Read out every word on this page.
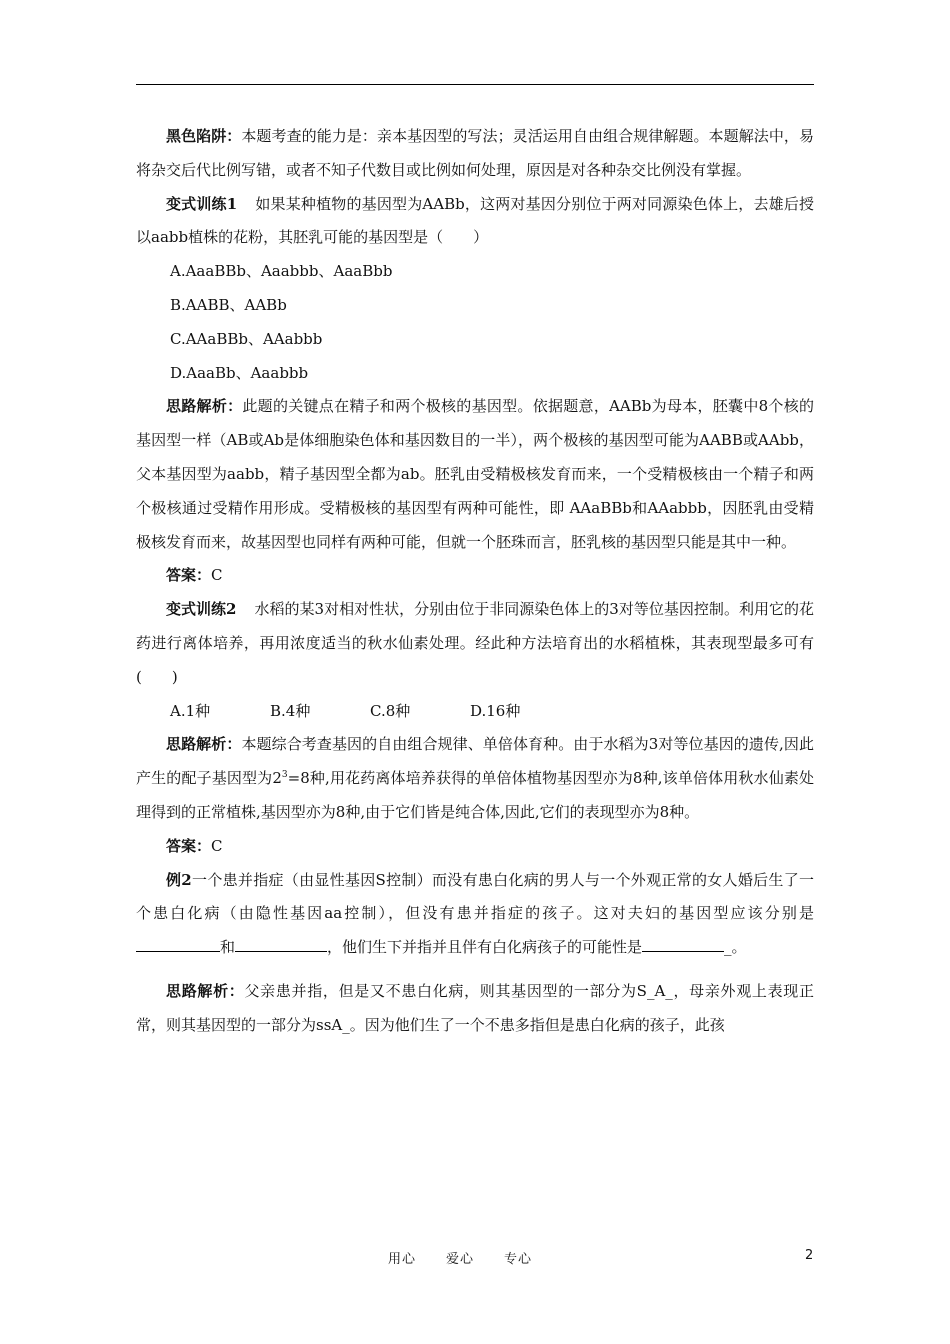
黑色陷阱：本题考查的能力是：亲本基因型的写法；灵活运用自由组合规律解题。本题解法中，易将杂交后代比例写错，或者不知子代数目或比例如何处理，原因是对各种杂交比例没有掌握。

变式训练1 如果某种植物的基因型为AABb，这两对基因分别位于两对同源染色体上，去雄后授以aabb植株的花粉，其胚乳可能的基因型是（　　）

A.AaaBBb、Aaabbb、AaaBbb

B.AABB、AABb

C.AAaBBb、AAabbb

D.AaaBb、Aaabbb

思路解析：此题的关键点在精子和两个极核的基因型。依据题意，AABb为母本，胚囊中8个核的基因型一样（AB或Ab是体细胞染色体和基因数目的一半），两个极核的基因型可能为AABB或AAbb，父本基因型为aabb，精子基因型全都为ab。胚乳由受精极核发育而来，一个受精极核由一个精子和两个极核通过受精作用形成。受精极核的基因型有两种可能性，即 AAaBBb和AAabbb，因胚乳由受精极核发育而来，故基因型也同样有两种可能，但就一个胚珠而言，胚乳核的基因型只能是其中一种。

答案：C

变式训练2 水稻的某3对相对性状，分别由位于非同源染色体上的3对等位基因控制。利用它的花药进行离体培养，再用浓度适当的秋水仙素处理。经此种方法培育出的水稻植株，其表现型最多可有(　　)

A.1种	B.4种	C.8种	D.16种

思路解析：本题综合考查基因的自由组合规律、单倍体育种。由于水稻为3对等位基因的遗传,因此产生的配子基因型为$2^3=8$种,用花药离体培养获得的单倍体植物基因型亦为8种,该单倍体用秋水仙素处理得到的正常植株,基因型亦为8种,由于它们皆是纯合体,因此,它们的表现型亦为8种。

答案：C

例2一个患并指症（由显性基因S控制）而没有患白化病的男人与一个外观正常的女人婚后生了一个患白化病（由隐性基因aa控制），但没有患并指症的孩子。这对夫妇的基因型应该分别是和	，他们生下并指并且伴有白化病孩子的可能性是	_。

思路解析：父亲患并指，但是又不患白化病，则其基因型的一部分为S_A_，母亲外观上表现正常，则其基因型的一部分为ssA_。因为他们生了一个不患多指但是患白化病的孩子，此孩

用心 爱心 专心	2
